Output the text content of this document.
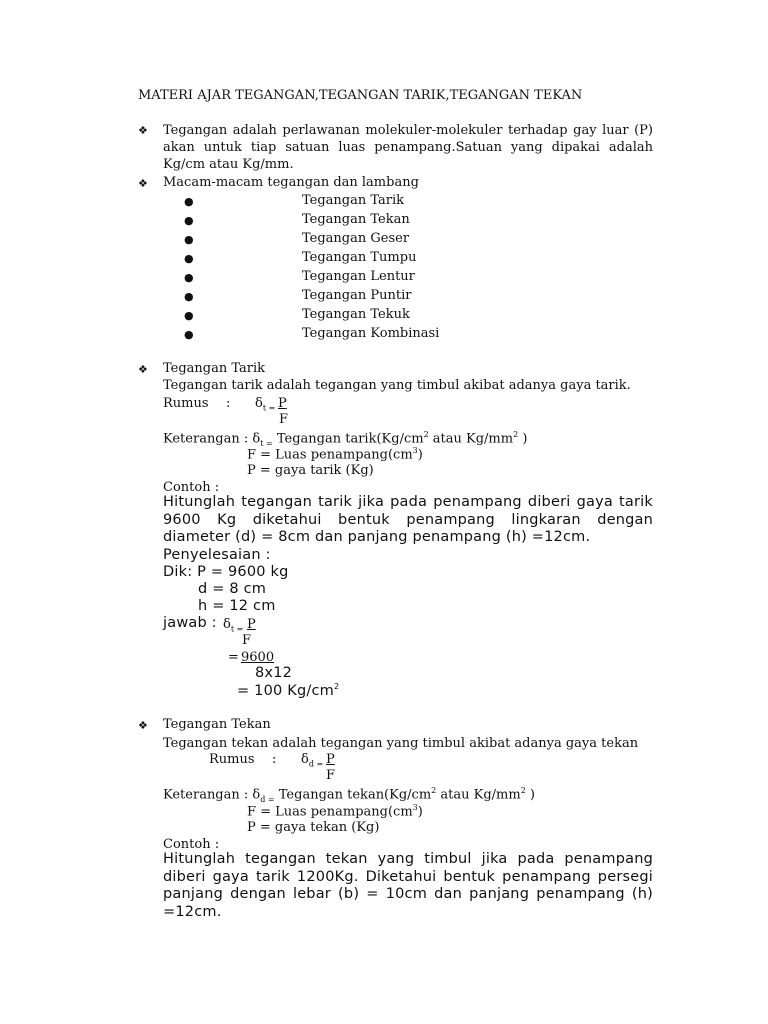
MATERI AJAR TEGANGAN,TEGANGAN TARIK,TEGANGAN TEKAN
❖ Tegangan adalah perlawanan molekuler-molekuler terhadap gay luar (P) akan untuk tiap satuan luas penampang.Satuan yang dipakai adalah Kg/cm atau Kg/mm.
❖ Macam-macam tegangan dan lambang
●	Tegangan Tarik
●	Tegangan Tekan
●	Tegangan Geser
●	Tegangan Tumpu
●	Tegangan Lentur
●	Tegangan Puntir
●	Tegangan Tekuk
●	Tegangan Kombinasi
❖ Tegangan Tarik
Tegangan tarik adalah tegangan yang timbul akibat adanya gaya tarik.
Rumus : $\delta_{t =}$ P
F
Keterangan : $\delta_{t =}$ Tegangan $tarik(Kg/cm^2$ atau $Kg/mm^2$ )
F = Luas $penampang(cm^3)$
P = gaya tarik (Kg)
Contoh :
Hitunglah tegangan tarik jika pada penampang diberi gaya tarik 9600 Kg diketahui bentuk penampang lingkaran dengan diameter (d) = 8cm dan panjang penampang (h) =12cm.
Penyelesaian :
Dik: P = 9600 kg
d = 8 cm
h = 12 cm
jawab : $\delta_{t =}$ P
F
= 9600
8x12
= 100 $Kg/cm^2$
❖ Tegangan Tekan
Tegangan tekan adalah tegangan yang timbul akibat adanya gaya tekan
Rumus : $\delta_{d =}$ P
F
Keterangan : $\delta_{d =}$ Tegangan $tekan(Kg/cm^2$ atau $Kg/mm^2$ )
F = Luas $penampang(cm^3)$
P = gaya tekan (Kg)
Contoh :
Hitunglah tegangan tekan yang timbul jika pada penampang diberi gaya tarik 1200Kg. Diketahui bentuk penampang persegi panjang dengan lebar (b) = 10cm dan panjang penampang (h) =12cm.
